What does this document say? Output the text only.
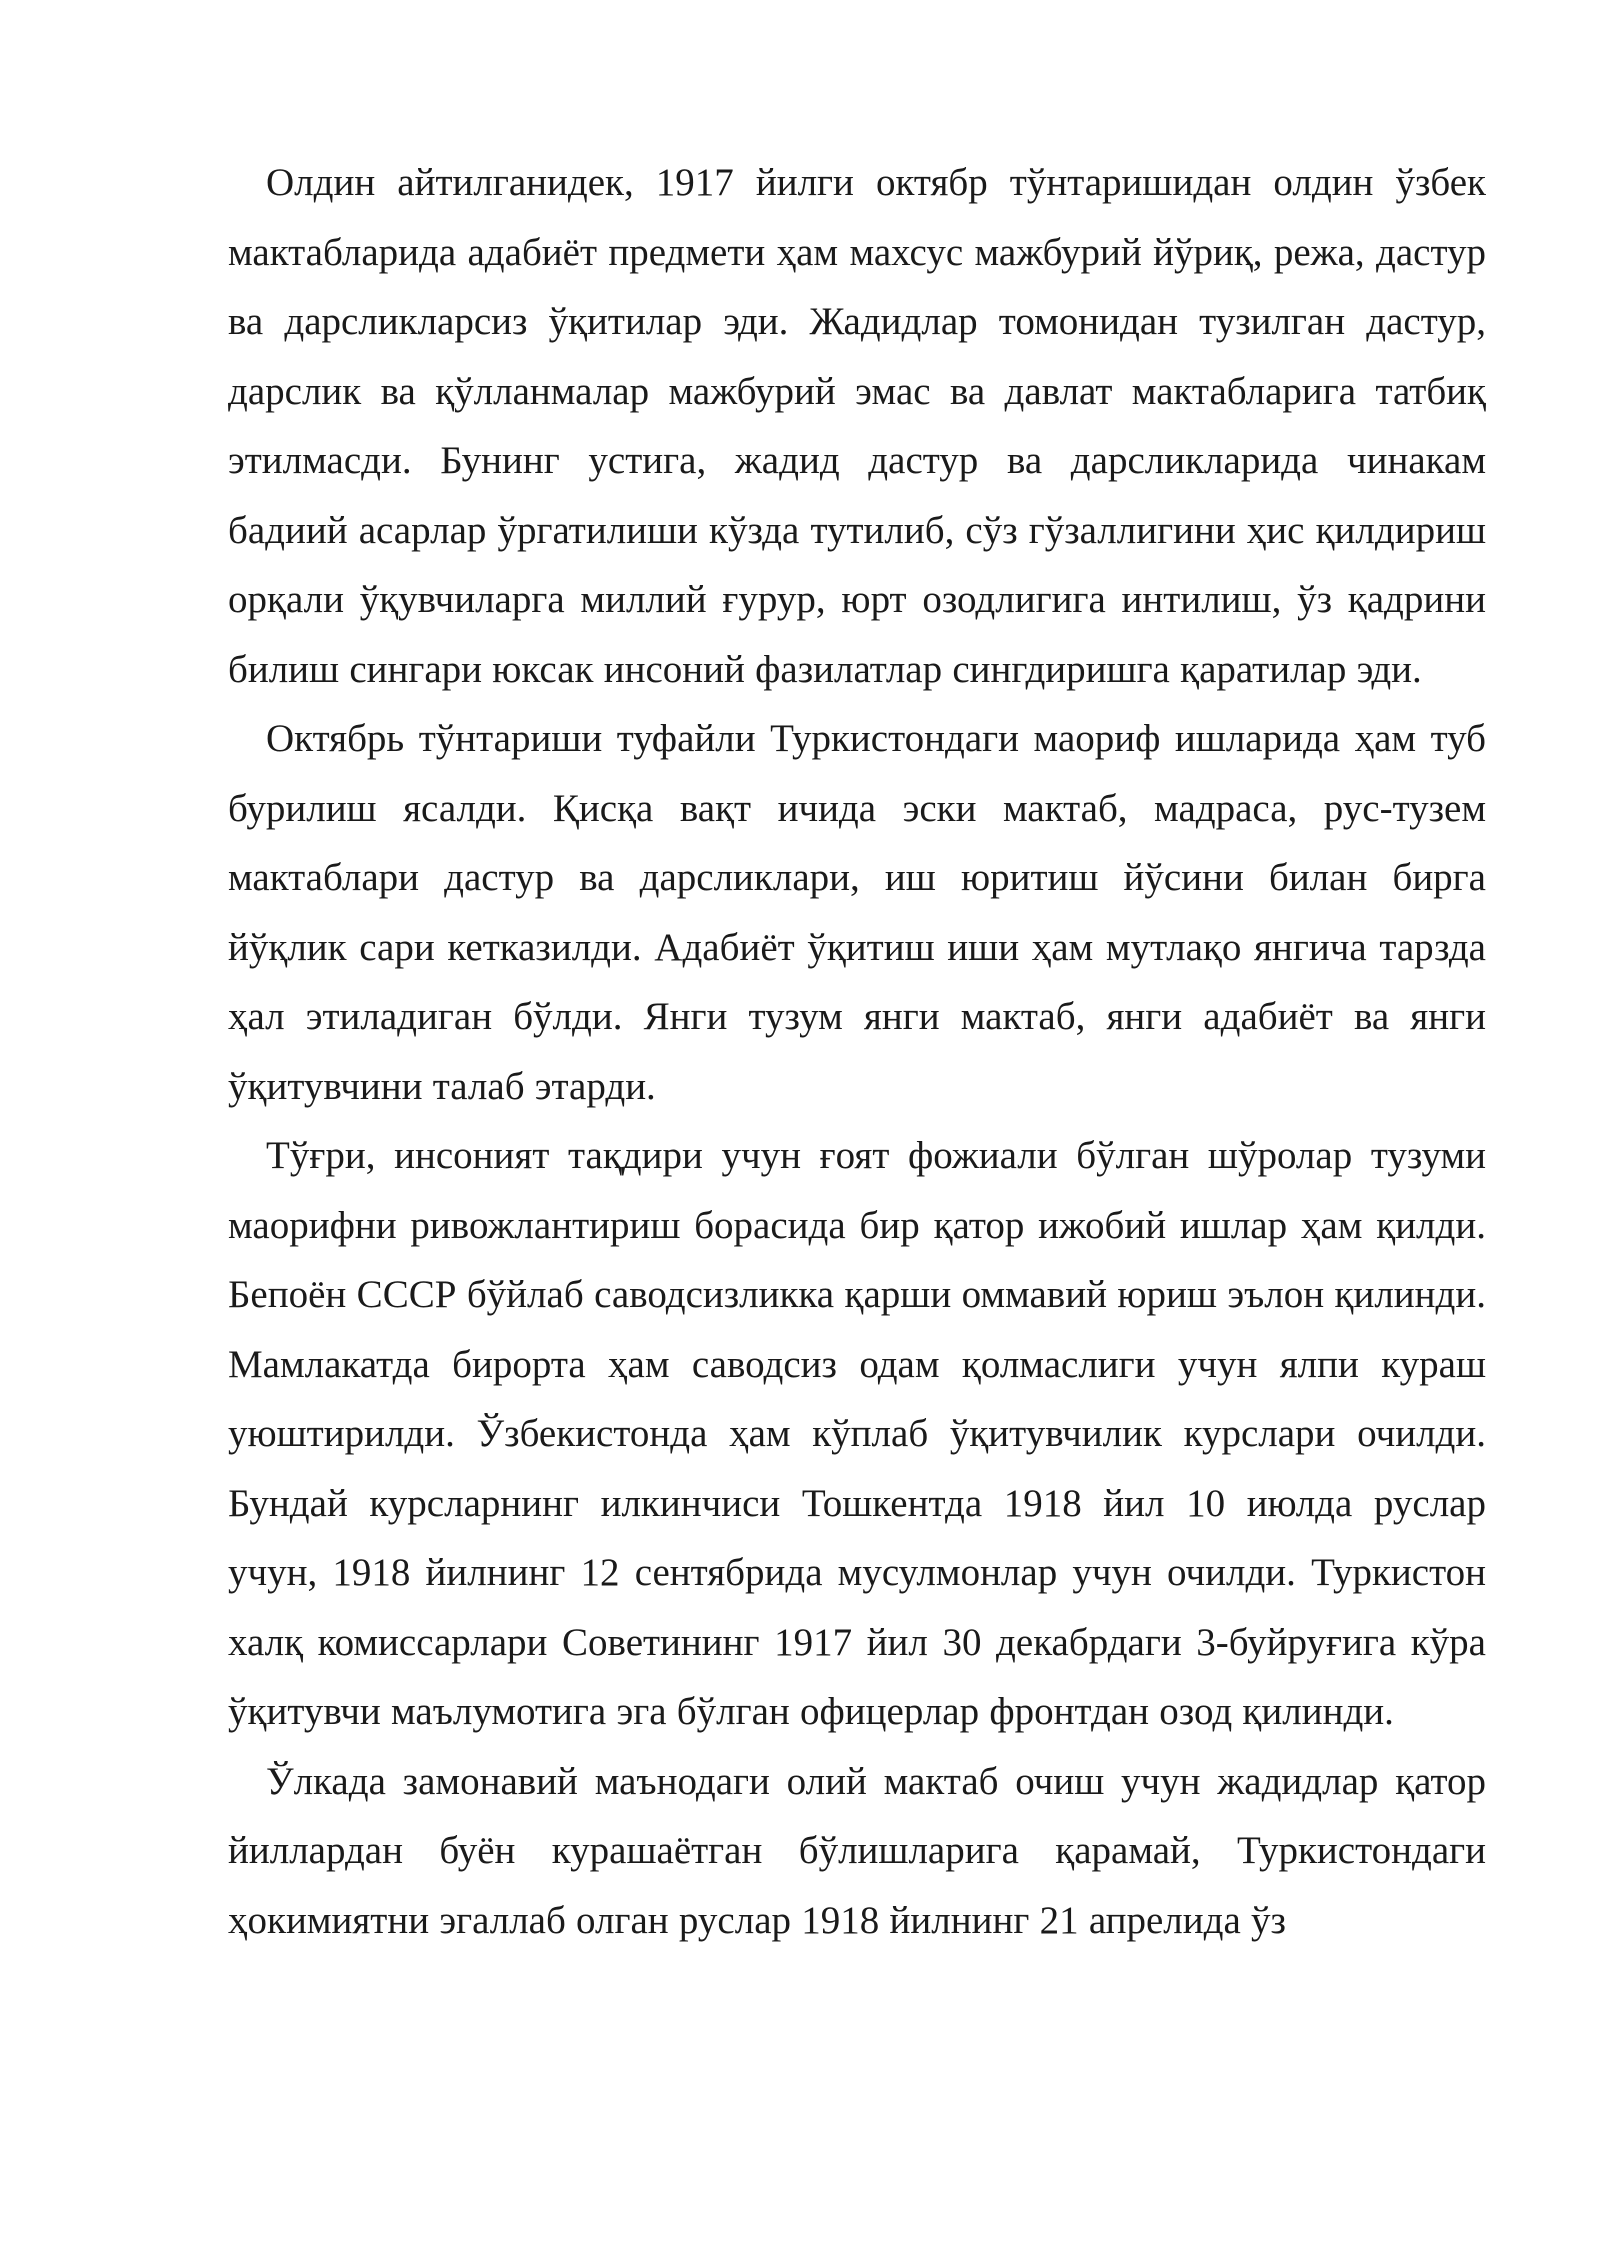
Олдин айтилганидек, 1917 йилги октябр тўнтаришидан олдин ўзбек мактабларида адабиёт предмети ҳам махсус мажбурий йўриқ, режа, дастур ва дарсликларсиз ўқитилар эди. Жадидлар томонидан тузилган дастур, дарслик ва қўлланмалар мажбурий эмас ва давлат мактабларига татбиқ этилмасди. Бунинг устига, жадид дастур ва дарсликларида чинакам бадиий асарлар ўргатилиши кўзда тутилиб, сўз гўзаллигини ҳис қилдириш орқали ўқувчиларга миллий ғурур, юрт озодлигига интилиш, ўз қадрини билиш сингари юксак инсоний фазилатлар сингдиришга қаратилар эди.

Октябрь тўнтариши туфайли Туркистондаги маориф ишларида ҳам туб бурилиш ясалди. Қисқа вақт ичида эски мактаб, мадраса, рус-тузем мактаблари дастур ва дарсликлари, иш юритиш йўсини билан бирга йўқлик сари кетказилди. Адабиёт ўқитиш иши ҳам мутлақо янгича тарзда ҳал этиладиган бўлди. Янги тузум янги мактаб, янги адабиёт ва янги ўқитувчини талаб этарди.

Тўғри, инсоният тақдири учун ғоят фожиали бўлган шўролар тузуми маорифни ривожлантириш борасида бир қатор ижобий ишлар ҳам қилди. Бепоён СССР бўйлаб саводсизликка қарши оммавий юриш эълон қилинди. Мамлакатда бирорта ҳам саводсиз одам қолмаслиги учун ялпи кураш уюштирилди. Ўзбекистонда ҳам кўплаб ўқитувчилик курслари очилди. Бундай курсларнинг илкинчиси Тошкентда 1918 йил 10 июлда руслар учун, 1918 йилнинг 12 сентябрида мусулмонлар учун очилди. Туркистон халқ комиссарлари Советининг 1917 йил 30 декабрдаги 3-буйруғига кўра ўқитувчи маълумотига эга бўлган офицерлар фронтдан озод қилинди.

Ўлкада замонавий маънодаги олий мактаб очиш учун жадидлар қатор йиллардан буён курашаётган бўлишларига қарамай, Туркистондаги ҳокимиятни эгаллаб олган руслар 1918 йилнинг 21 апрелида ўз
